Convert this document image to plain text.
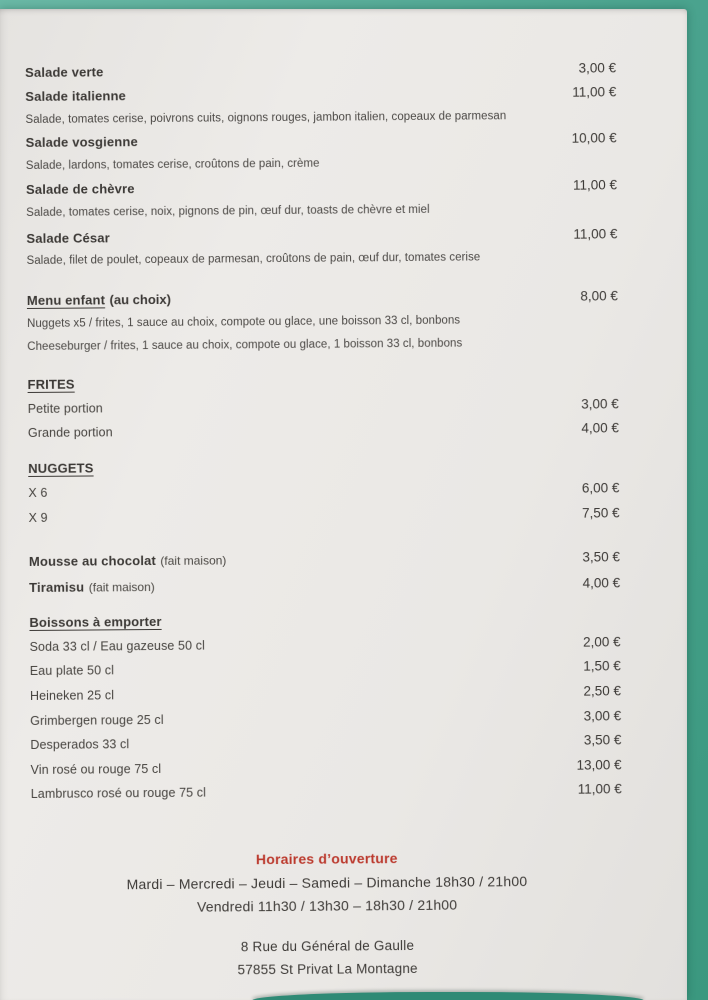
Salade verte	3,00 €
Salade italienne	11,00 €
Salade, tomates cerise, poivrons cuits, oignons rouges, jambon italien, copeaux de parmesan
Salade vosgienne	10,00 €
Salade, lardons, tomates cerise, croûtons de pain, crème
Salade de chèvre	11,00 €
Salade, tomates cerise, noix, pignons de pin, œuf dur, toasts de chèvre et miel
Salade César	11,00 €
Salade, filet de poulet, copeaux de parmesan, croûtons de pain, œuf dur, tomates cerise
Menu enfant (au choix)	8,00 €
Nuggets x5 / frites, 1 sauce au choix, compote ou glace, une boisson 33 cl, bonbons
Cheeseburger / frites, 1 sauce au choix, compote ou glace, 1 boisson 33 cl, bonbons
FRITES
Petite portion	3,00 €
Grande portion	4,00 €
NUGGETS
X 6	6,00 €
X 9	7,50 €
Mousse au chocolat (fait maison)	3,50 €
Tiramisu (fait maison)	4,00 €
Boissons à emporter
Soda 33 cl / Eau gazeuse 50 cl	2,00 €
Eau plate 50 cl	1,50 €
Heineken 25 cl	2,50 €
Grimbergen rouge 25 cl	3,00 €
Desperados 33 cl	3,50 €
Vin rosé ou rouge 75 cl	13,00 €
Lambrusco rosé ou rouge 75 cl	11,00 €
Horaires d’ouverture
Mardi – Mercredi – Jeudi – Samedi – Dimanche 18h30 / 21h00
Vendredi 11h30 / 13h30 – 18h30 / 21h00
8 Rue du Général de Gaulle
57855 St Privat La Montagne
